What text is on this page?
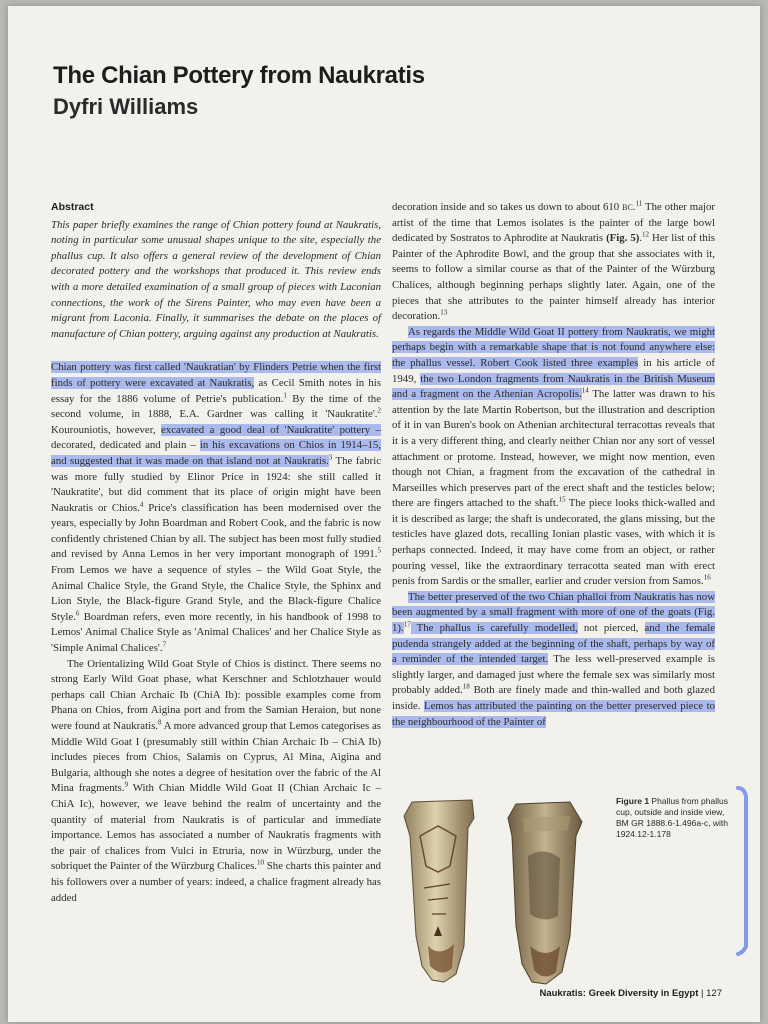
The Chian Pottery from Naukratis
Dyfri Williams
Abstract

This paper briefly examines the range of Chian pottery found at Naukratis, noting in particular some unusual shapes unique to the site, especially the phallus cup. It also offers a general review of the development of Chian decorated pottery and the workshops that produced it. This review ends with a more detailed examination of a small group of pieces with Laconian connections, the work of the Sirens Painter, who may even have been a migrant from Laconia. Finally, it summarises the debate on the places of manufacture of Chian pottery, arguing against any production at Naukratis.

Chian pottery was first called 'Naukratian' by Flinders Petrie when the first finds of pottery were excavated at Naukratis, as Cecil Smith notes in his essay for the 1886 volume of Petrie's publication.$^1$ By the time of the second volume, in 1888, E.A. Gardner was calling it 'Naukratite'.$^2$ Kourouniotis, however, excavated a good deal of 'Naukratite' pottery – decorated, dedicated and plain – in his excavations on Chios in 1914–15, and suggested that it was made on that island not at Naukratis.$^3$ The fabric was more fully studied by Elinor Price in 1924: she still called it 'Naukratite', but did comment that its place of origin might have been Naukratis or Chios.$^4$ Price's classification has been modernised over the years, especially by John Boardman and Robert Cook, and the fabric is now confidently christened Chian by all. The subject has been most fully studied and revised by Anna Lemos in her very important monograph of 1991.$^5$ From Lemos we have a sequence of styles – the Wild Goat Style, the Animal Chalice Style, the Grand Style, the Chalice Style, the Sphinx and Lion Style, the Black-figure Grand Style, and the Black-figure Chalice Style.$^6$ Boardman refers, even more recently, in his handbook of 1998 to Lemos' Animal Chalice Style as 'Animal Chalices' and her Chalice Style as 'Simple Animal Chalices'.$^7$

The Orientalizing Wild Goat Style of Chios is distinct. There seems no strong Early Wild Goat phase, what Kerschner and Schlotzhauer would perhaps call Chian Archaic Ib (ChiA Ib): possible examples come from Phana on Chios, from Aigina port and from the Samian Heraion, but none were found at Naukratis.$^8$ A more advanced group that Lemos categorises as Middle Wild Goat I (presumably still within Chian Archaic Ib – ChiA Ib) includes pieces from Chios, Salamis on Cyprus, Al Mina, Aigina and Bulgaria, although she notes a degree of hesitation over the fabric of the Al Mina fragments.$^9$ With Chian Middle Wild Goat II (Chian Archaic Ic – ChiA Ic), however, we leave behind the realm of uncertainty and the quantity of material from Naukratis is of particular and immediate importance. Lemos has associated a number of Naukratis fragments with the pair of chalices from Vulci in Etruria, now in Würzburg, under the sobriquet the Painter of the Würzburg Chalices.$^{10}$ She charts this painter and his followers over a number of years: indeed, a chalice fragment already has added

decoration inside and so takes us down to about 610 BC.$^{11}$ The other major artist of the time that Lemos isolates is the painter of the large bowl dedicated by Sostratos to Aphrodite at Naukratis (Fig. 5).$^{12}$ Her list of this Painter of the Aphrodite Bowl, and the group that she associates with it, seems to follow a similar course as that of the Painter of the Würzburg Chalices, although beginning perhaps slightly later. Again, one of the pieces that she attributes to the painter himself already has interior decoration.$^{13}$

As regards the Middle Wild Goat II pottery from Naukratis, we might perhaps begin with a remarkable shape that is not found anywhere else: the phallus vessel. Robert Cook listed three examples in his article of 1949, the two London fragments from Naukratis in the British Museum and a fragment on the Athenian Acropolis.$^{14}$ The latter was drawn to his attention by the late Martin Robertson, but the illustration and description of it in van Buren's book on Athenian architectural terracottas reveals that it is a very different thing, and clearly neither Chian nor any sort of vessel attachment or protome. Instead, however, we might now mention, even though not Chian, a fragment from the excavation of the cathedral in Marseilles which preserves part of the erect shaft and the testicles below; there are fingers attached to the shaft.$^{15}$ The piece looks thick-walled and it is described as large; the shaft is undecorated, the glans missing, but the testicles have glazed dots, recalling Ionian plastic vases, with which it is perhaps connected. Indeed, it may have come from an object, or rather pouring vessel, like the extraordinary terracotta seated man with erect penis from Sardis or the smaller, earlier and cruder version from Samos.$^{16}$

The better preserved of the two Chian phalloi from Naukratis has now been augmented by a small fragment with more of one of the goats (Fig. 1).$^{17}$ The phallus is carefully modelled, not pierced, and the female pudenda strangely added at the beginning of the shaft, perhaps by way of a reminder of the intended target. The less well-preserved example is slightly larger, and damaged just where the female sex was similarly most probably added.$^{18}$ Both are finely made and thin-walled and both glazed inside. Lemos has attributed the painting on the better preserved piece to the neighbourhood of the Painter of

Figure 1 Phallus from phallus cup, outside and inside view, BM GR 1888.6-1.496a-c, with 1924.12-1.178
Naukratis: Greek Diversity in Egypt | 127
